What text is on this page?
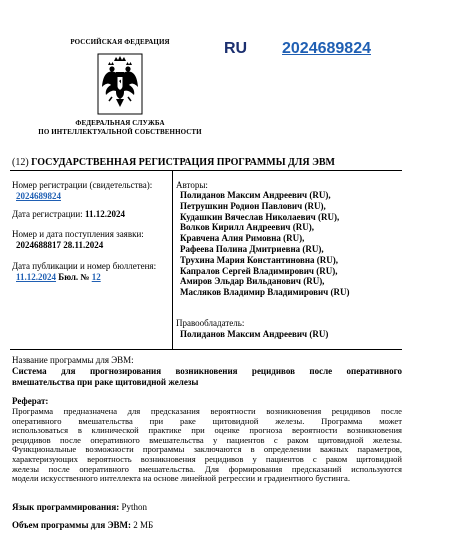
РОССИЙСКАЯ ФЕДЕРАЦИЯ
ФЕДЕРАЛЬНАЯ СЛУЖБА
ПО ИНТЕЛЛЕКТУАЛЬНОЙ СОБСТВЕННОСТИ
RU 2024689824
(12) ГОСУДАРСТВЕННАЯ РЕГИСТРАЦИЯ ПРОГРАММЫ ДЛЯ ЭВМ
Номер регистрации (свидетельства):
2024689824
Дата регистрации: 11.12.2024
Номер и дата поступления заявки:
2024688817 28.11.2024
Дата публикации и номер бюллетеня:
11.12.2024 Бюл. № 12
Авторы:
Полиданов Максим Андреевич (RU),
Петрушкин Родион Павлович (RU),
Кудашкин Вячеслав Николаевич (RU),
Волков Кирилл Андреевич (RU),
Кравчена Алия Римовна (RU),
Рафеева Полина Дмитриевна (RU),
Трухина Мария Константиновна (RU),
Капралов Сергей Владимирович (RU),
Амиров Эльдар Вильданович (RU),
Масляков Владимир Владимирович (RU)
Правообладатель:
Полиданов Максим Андреевич (RU)
Название программы для ЭВМ:
Система для прогнозирования возникновения рецидивов после оперативного
вмешательства при раке щитовидной железы
Реферат:
Программа предназначена для предсказания вероятности возникновения рецидивов после
оперативного вмешательства при раке щитовидной железы. Программа может
использоваться в клинической практике при оценке прогноза вероятности возникновения
рецидивов после оперативного вмешательства у пациентов с раком щитовидной железы.
Функциональные возможности программы заключаются в определении важных параметров,
характеризующих вероятность возникновения рецидивов у пациентов с раком щитовидной
железы после оперативного вмешательства. Для формирования предсказаний используются
модели искусственного интеллекта на основе линейной регрессии и градиентного бустинга.
Язык программирования: Python
Объем программы для ЭВМ: 2 МБ
